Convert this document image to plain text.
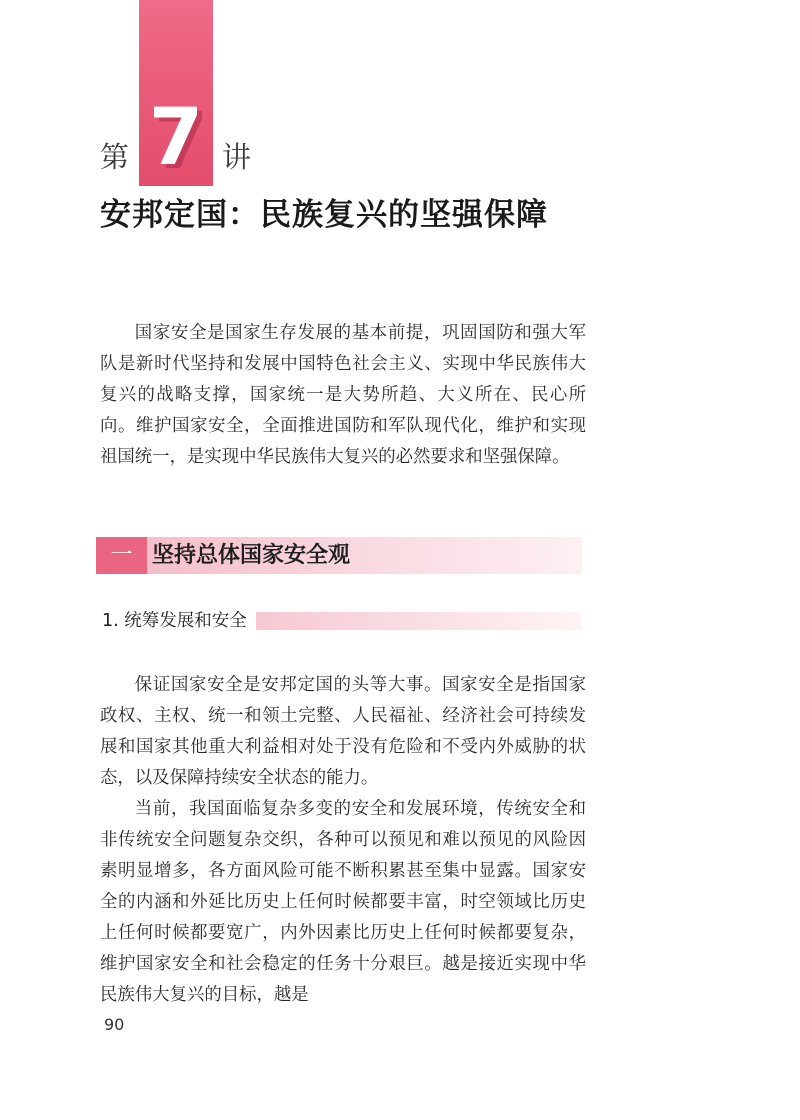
7
第	讲
安邦定国：民族复兴的坚强保障

国家安全是国家生存发展的基本前提，巩固国防和强大军队是新时代坚持和发展中国特色社会主义、实现中华民族伟大复兴的战略支撑，国家统一是大势所趋、大义所在、民心所向。维护国家安全，全面推进国防和军队现代化，维护和实现祖国统一，是实现中华民族伟大复兴的必然要求和坚强保障。

一 坚持总体国家安全观
1. 统筹发展和安全

保证国家安全是安邦定国的头等大事。国家安全是指国家政权、主权、统一和领土完整、人民福祉、经济社会可持续发展和国家其他重大利益相对处于没有危险和不受内外威胁的状态，以及保障持续安全状态的能力。

当前，我国面临复杂多变的安全和发展环境，传统安全和非传统安全问题复杂交织，各种可以预见和难以预见的风险因素明显增多，各方面风险可能不断积累甚至集中显露。国家安全的内涵和外延比历史上任何时候都要丰富，时空领域比历史上任何时候都要宽广，内外因素比历史上任何时候都要复杂，维护国家安全和社会稳定的任务十分艰巨。越是接近实现中华民族伟大复兴的目标，越是

90
